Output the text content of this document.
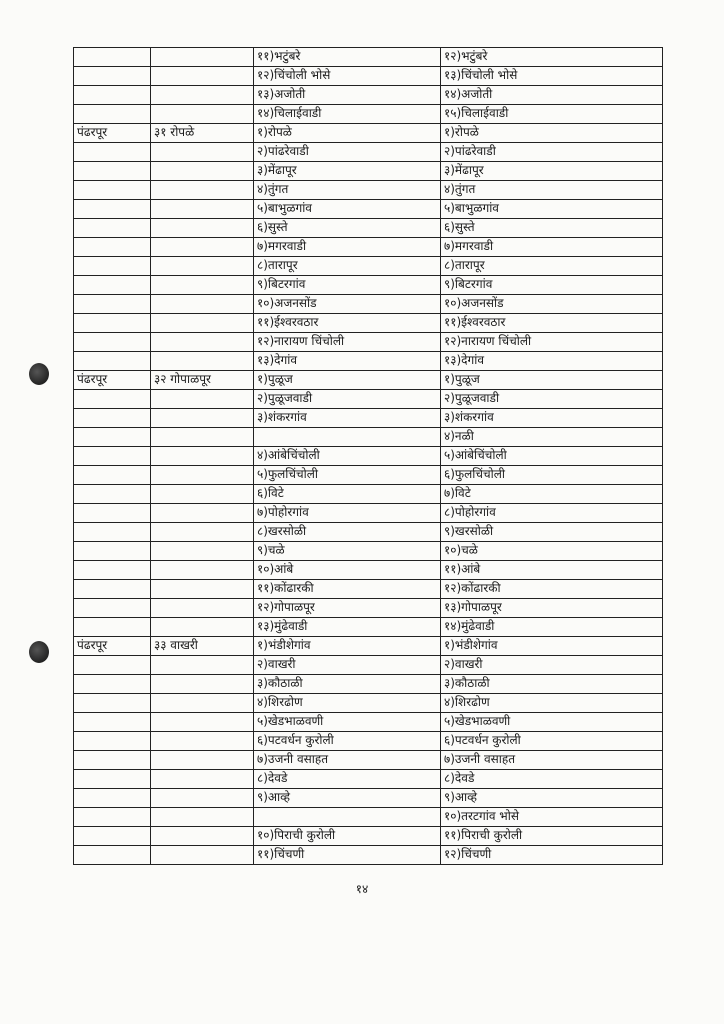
		११)भटुंबरे	१२)भटुंबरे
		१२)चिंचोली भोसे	१३)चिंचोली भोसे
		१३)अजोती	१४)अजोती
		१४)चिलाईवाडी	१५)चिलाईवाडी
पंढरपूर	३१ रोपळे	१)रोपळे	१)रोपळे
		२)पांढरेवाडी	२)पांढरेवाडी
		३)मेंढापूर	३)मेंढापूर
		४)तुंगत	४)तुंगत
		५)बाभुळगांव	५)बाभुळगांव
		६)सुस्ते	६)सुस्ते
		७)मगरवाडी	७)मगरवाडी
		८)तारापूर	८)तारापूर
		९)बिटरगांव	९)बिटरगांव
		१०)अजनसोंड	१०)अजनसोंड
		११)ईश्वरवठार	११)ईश्वरवठार
		१२)नारायण चिंचोली	१२)नारायण चिंचोली
		१३)देगांव	१३)देगांव
पंढरपूर	३२ गोपाळपूर	१)पुळूज	१)पुळूज
		२)पुळूजवाडी	२)पुळूजवाडी
		३)शंकरगांव	३)शंकरगांव
			४)नळी
		४)आंबेचिंचोली	५)आंबेचिंचोली
		५)फुलचिंचोली	६)फुलचिंचोली
		६)विटे	७)विटे
		७)पोहोरगांव	८)पोहोरगांव
		८)खरसोळी	९)खरसोळी
		९)चळे	१०)चळे
		१०)आंबे	११)आंबे
		११)कोंढारकी	१२)कोंढारकी
		१२)गोपाळपूर	१३)गोपाळपूर
		१३)मुंढेवाडी	१४)मुंढेवाडी
पंढरपूर	३३ वाखरी	१)भंडीशेगांव	१)भंडीशेगांव
		२)वाखरी	२)वाखरी
		३)कौठाळी	३)कौठाळी
		४)शिरढोण	४)शिरढोण
		५)खेडभाळवणी	५)खेडभाळवणी
		६)पटवर्धन कुरोली	६)पटवर्धन कुरोली
		७)उजनी वसाहत	७)उजनी वसाहत
		८)देवडे	८)देवडे
		९)आव्हे	९)आव्हे
			१०)तरटगांव भोसे
		१०)पिराची कुरोली	११)पिराची कुरोली
		११)चिंचणी	१२)चिंचणी
१४
